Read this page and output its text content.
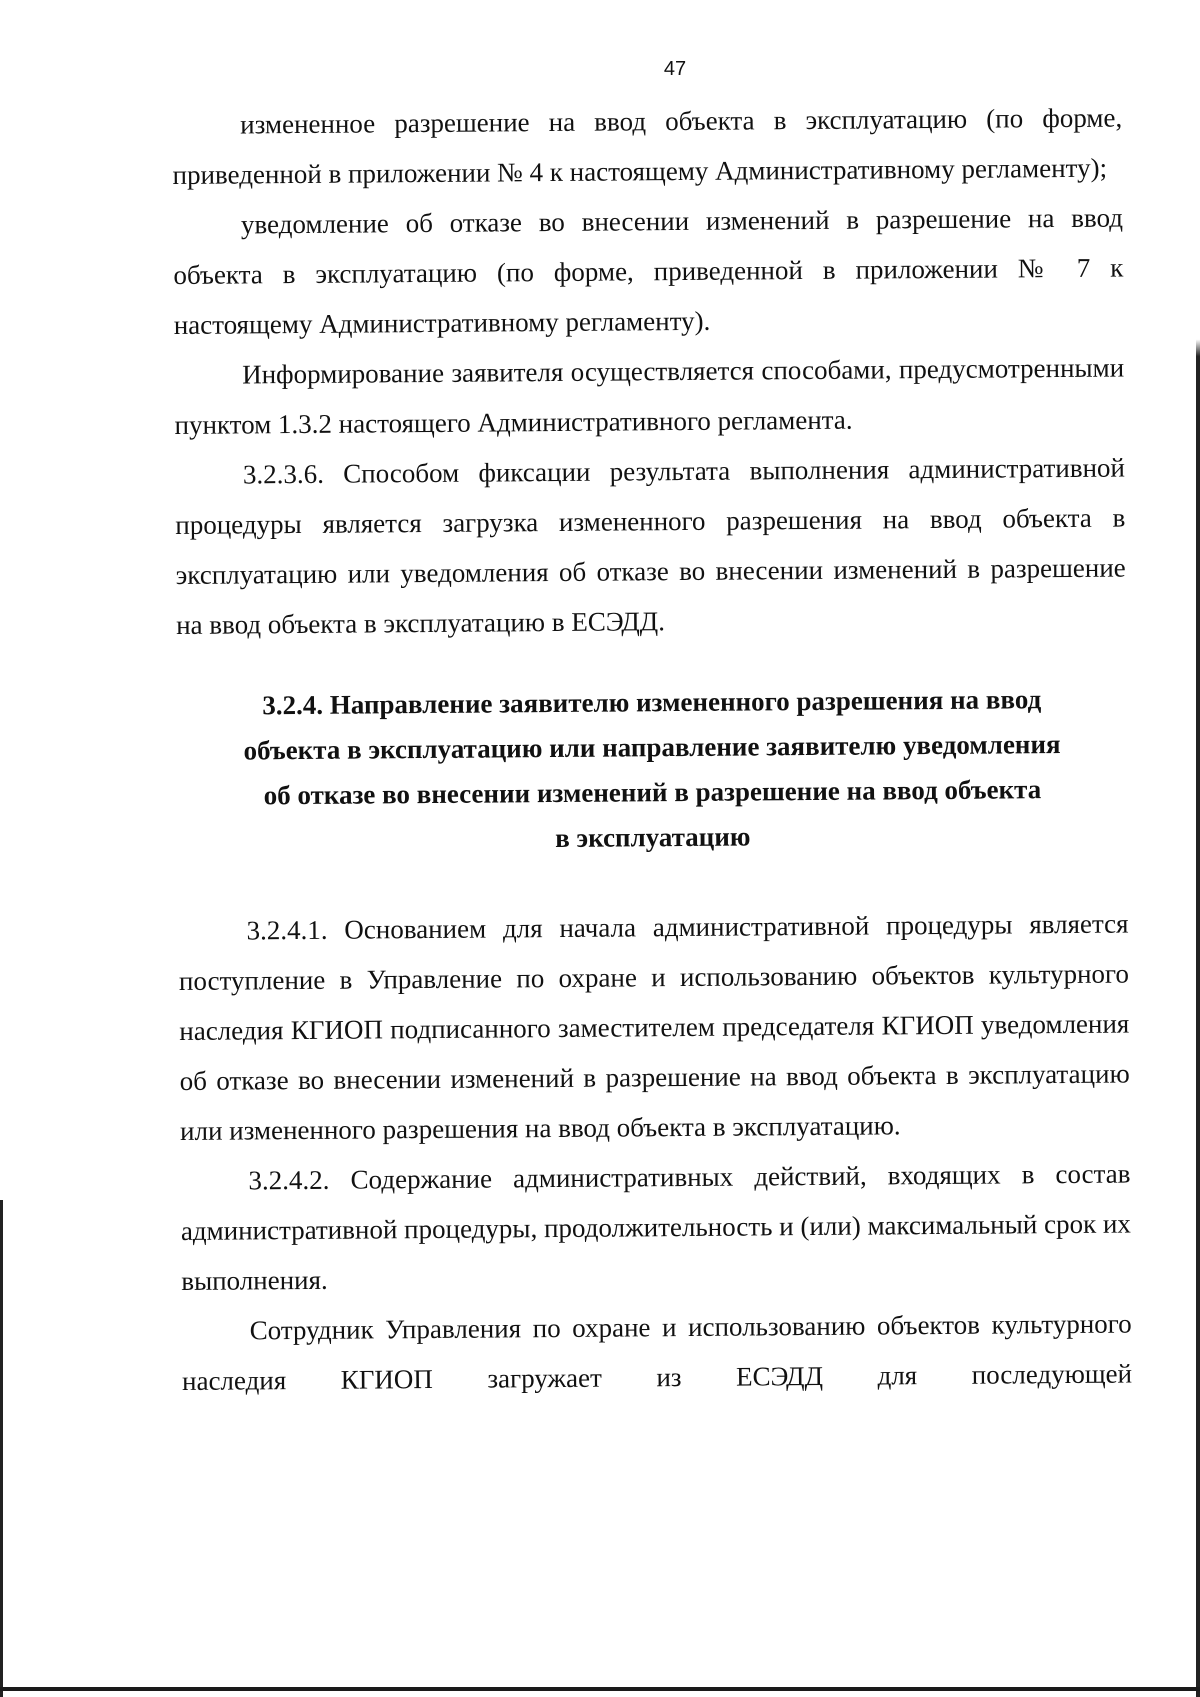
47

измененное разрешение на ввод объекта в эксплуатацию (по форме, приведенной в приложении № 4 к настоящему Административному регламенту);

уведомление об отказе во внесении изменений в разрешение на ввод объекта в эксплуатацию (по форме, приведенной в приложении № 7 к настоящему Административному регламенту).

Информирование заявителя осуществляется способами, предусмотренными пунктом 1.3.2 настоящего Административного регламента.

3.2.3.6. Способом фиксации результата выполнения административной процедуры является загрузка измененного разрешения на ввод объекта в эксплуатацию или уведомления об отказе во внесении изменений в разрешение на ввод объекта в эксплуатацию в ЕСЭДД.

3.2.4. Направление заявителю измененного разрешения на ввод
объекта в эксплуатацию или направление заявителю уведомления
об отказе во внесении изменений в разрешение на ввод объекта
в эксплуатацию

3.2.4.1. Основанием для начала административной процедуры является поступление в Управление по охране и использованию объектов культурного наследия КГИОП подписанного заместителем председателя КГИОП уведомления об отказе во внесении изменений в разрешение на ввод объекта в эксплуатацию или измененного разрешения на ввод объекта в эксплуатацию.

3.2.4.2. Содержание административных действий, входящих в состав административной процедуры, продолжительность и (или) максимальный срок их выполнения.

Сотрудник Управления по охране и использованию объектов культурного наследия КГИОП загружает из ЕСЭДД для последующей
